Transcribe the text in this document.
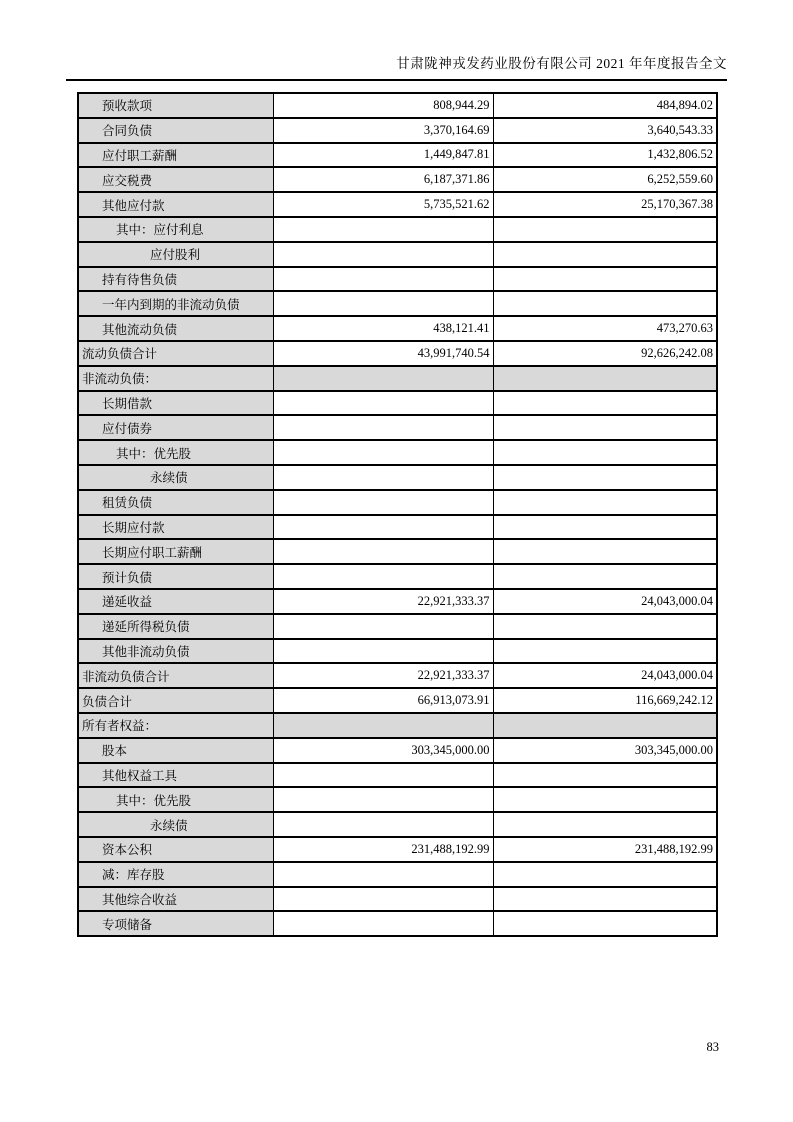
甘肃陇神戎发药业股份有限公司 2021 年年度报告全文
预收款项	808,944.29	484,894.02
合同负债	3,370,164.69	3,640,543.33
应付职工薪酬	1,449,847.81	1,432,806.52
应交税费	6,187,371.86	6,252,559.60
其他应付款	5,735,521.62	25,170,367.38
其中：应付利息		
应付股利		
持有待售负债		
一年内到期的非流动负债		
其他流动负债	438,121.41	473,270.63
流动负债合计	43,991,740.54	92,626,242.08
非流动负债：		
长期借款		
应付债券		
其中：优先股		
永续债		
租赁负债		
长期应付款		
长期应付职工薪酬		
预计负债		
递延收益	22,921,333.37	24,043,000.04
递延所得税负债		
其他非流动负债		
非流动负债合计	22,921,333.37	24,043,000.04
负债合计	66,913,073.91	116,669,242.12
所有者权益：		
股本	303,345,000.00	303,345,000.00
其他权益工具		
其中：优先股		
永续债		
资本公积	231,488,192.99	231,488,192.99
减：库存股		
其他综合收益		
专项储备		
83
